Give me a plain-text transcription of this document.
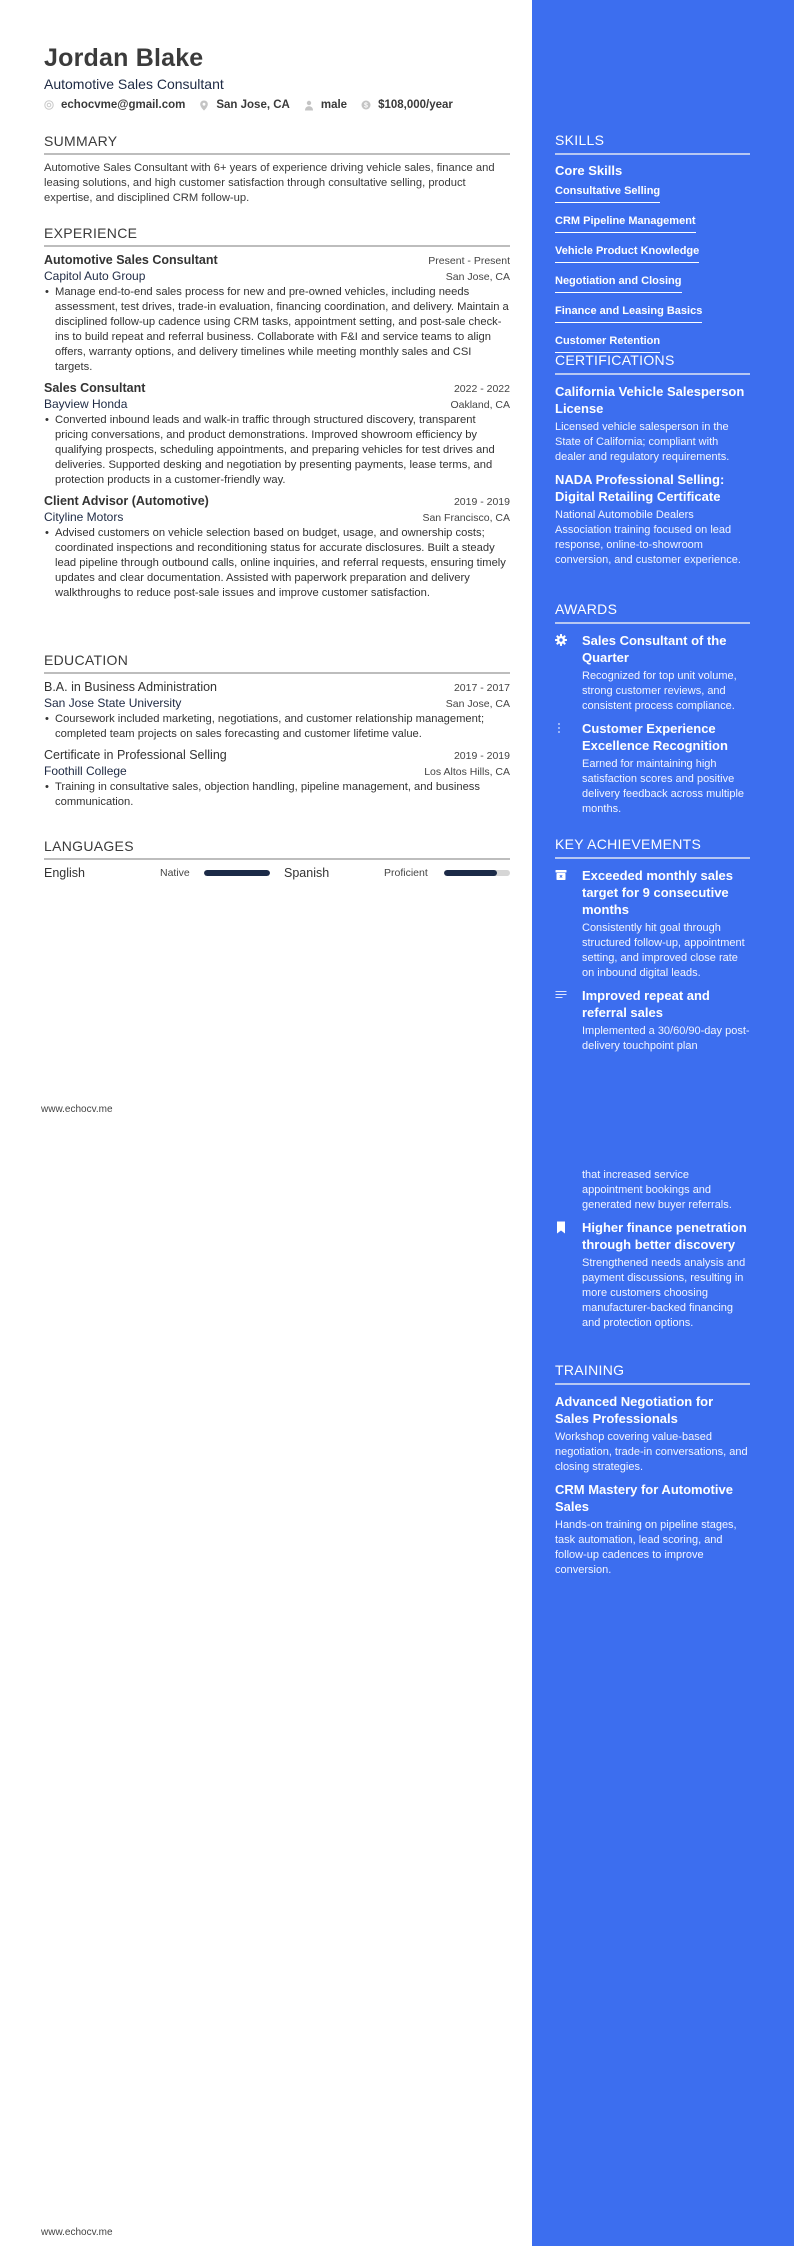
Jordan Blake
Automotive Sales Consultant
echocvme@gmail.com	San Jose, CA	male $ $108,000/year
SUMMARY

Automotive Sales Consultant with 6+ years of experience driving vehicle sales, finance and leasing solutions, and high customer satisfaction through consultative selling, product expertise, and disciplined CRM follow-up.

EXPERIENCE
Automotive Sales Consultant	Present - Present
Capitol Auto Group	San Jose, CA
• Manage end-to-end sales process for new and pre-owned vehicles, including needs assessment, test drives, trade-in evaluation, financing coordination, and delivery. Maintain a disciplined follow-up cadence using CRM tasks, appointment setting, and post-sale check-ins to build repeat and referral business. Collaborate with F&I and service teams to align offers, warranty options, and delivery timelines while meeting monthly sales and CSI targets.
Sales Consultant	2022 - 2022
Bayview Honda	Oakland, CA
• Converted inbound leads and walk-in traffic through structured discovery, transparent pricing conversations, and product demonstrations. Improved showroom efficiency by qualifying prospects, scheduling appointments, and preparing vehicles for test drives and deliveries. Supported desking and negotiation by presenting payments, lease terms, and protection products in a customer-friendly way.
Client Advisor (Automotive)	2019 - 2019
Cityline Motors	San Francisco, CA
• Advised customers on vehicle selection based on budget, usage, and ownership costs; coordinated inspections and reconditioning status for accurate disclosures. Built a steady lead pipeline through outbound calls, online inquiries, and referral requests, ensuring timely updates and clear documentation. Assisted with paperwork preparation and delivery walkthroughs to reduce post-sale issues and improve customer satisfaction.
EDUCATION
B.A. in Business Administration	2017 - 2017
San Jose State University	San Jose, CA
• Coursework included marketing, negotiations, and customer relationship management; completed team projects on sales forecasting and customer lifetime value.
Certificate in Professional Selling	2019 - 2019
Foothill College	Los Altos Hills, CA
• Training in consultative sales, objection handling, pipeline management, and business communication.
LANGUAGES
English	Native	Spanish	Proficient
www.echocv.me
www.echocv.me
SKILLS
Core Skills
Consultative Selling
CRM Pipeline Management
Vehicle Product Knowledge
Negotiation and Closing
Finance and Leasing Basics
Customer Retention
CERTIFICATIONS
California Vehicle Salesperson License
Licensed vehicle salesperson in the State of California; compliant with dealer and regulatory requirements.
NADA Professional Selling: Digital Retailing Certificate
National Automobile Dealers Association training focused on lead response, online-to-showroom conversion, and customer experience.
AWARDS
Sales Consultant of the Quarter
Recognized for top unit volume, strong customer reviews, and consistent process compliance.
Customer Experience Excellence Recognition
Earned for maintaining high satisfaction scores and positive delivery feedback across multiple months.
KEY ACHIEVEMENTS
Exceeded monthly sales target for 9 consecutive months
Consistently hit goal through structured follow-up, appointment setting, and improved close rate on inbound digital leads.
Improved repeat and referral sales
Implemented a 30/60/90-day post-delivery touchpoint plan
that increased service appointment bookings and generated new buyer referrals.
Higher finance penetration through better discovery
Strengthened needs analysis and payment discussions, resulting in more customers choosing manufacturer-backed financing and protection options.
TRAINING
Advanced Negotiation for Sales Professionals
Workshop covering value-based negotiation, trade-in conversations, and closing strategies.
CRM Mastery for Automotive Sales
Hands-on training on pipeline stages, task automation, lead scoring, and follow-up cadences to improve conversion.
